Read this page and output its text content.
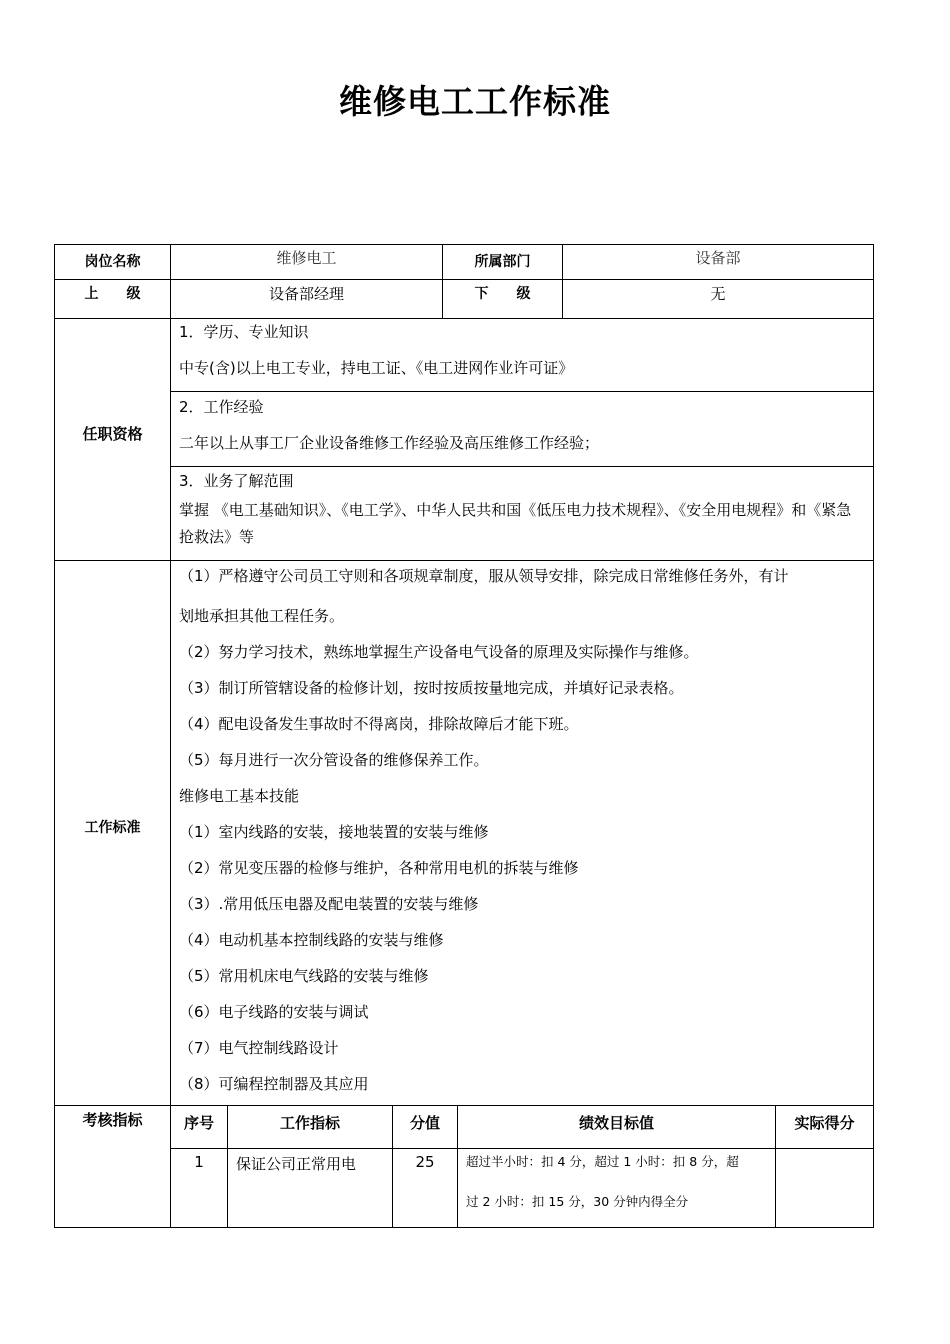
维修电工工作标准
岗位名称	维修电工	所属部门	设备部
上　　级	设备部经理	下　　级	无
任职资格
1．学历、专业知识
中专(含)以上电工专业，持电工证、《电工进网作业许可证》
2．工作经验
二年以上从事工厂企业设备维修工作经验及高压维修工作经验；
3．业务了解范围
掌握 《电工基础知识》、《电工学》、中华人民共和国《低压电力技术规程》、《安全用电规程》和《紧急抢救法》等
工作标准
（1）严格遵守公司员工守则和各项规章制度，服从领导安排，除完成日常维修任务外，有计
划地承担其他工程任务。
（2）努力学习技术，熟练地掌握生产设备电气设备的原理及实际操作与维修。
（3）制订所管辖设备的检修计划，按时按质按量地完成，并填好记录表格。
（4）配电设备发生事故时不得离岗，排除故障后才能下班。
（5）每月进行一次分管设备的维修保养工作。
维修电工基本技能
（1）室内线路的安装，接地装置的安装与维修
（2）常见变压器的检修与维护，各种常用电机的拆装与维修
（3）.常用低压电器及配电装置的安装与维修
（4）电动机基本控制线路的安装与维修
（5）常用机床电气线路的安装与维修
（6）电子线路的安装与调试
（7）电气控制线路设计
（8）可编程控制器及其应用
考核指标	序号	工作指标	分值	绩效目标值	实际得分
1	保证公司正常用电	25	超过半小时：扣 4 分，超过 1 小时：扣 8 分，超
过 2 小时：扣 15 分，30 分钟内得全分
